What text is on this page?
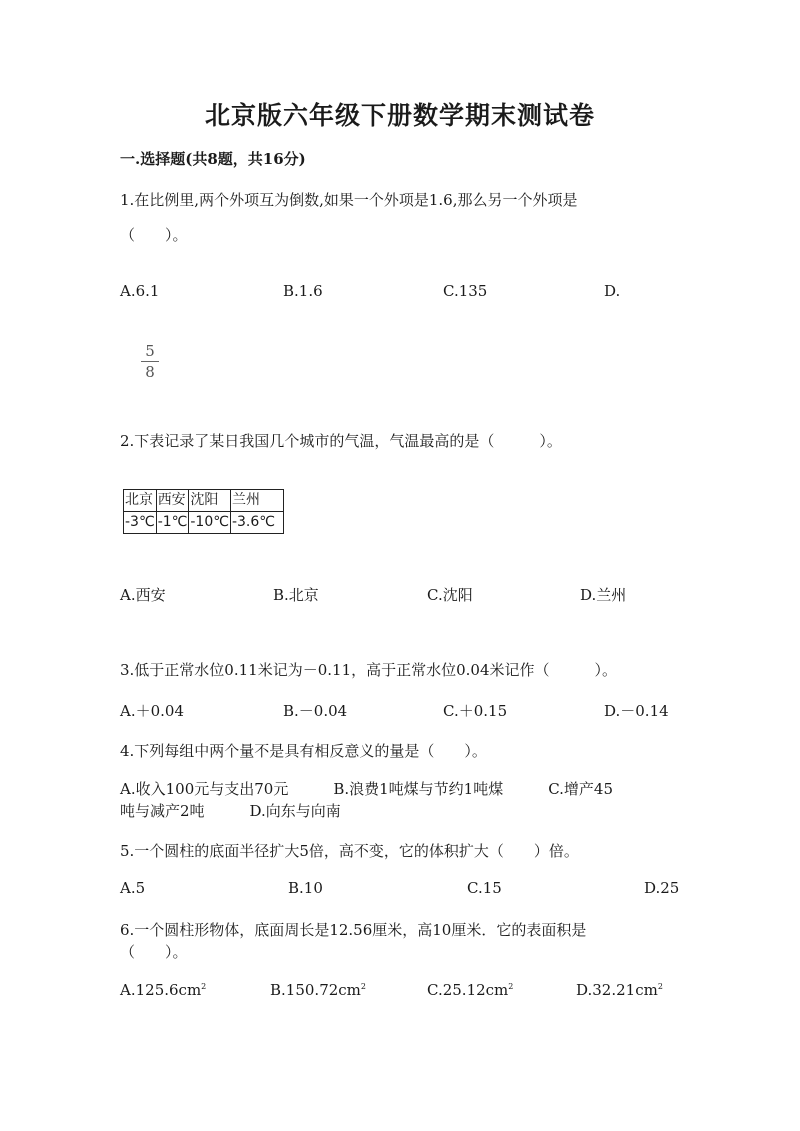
北京版六年级下册数学期末测试卷
一.选择题(共8题，共16分)
1.在比例里,两个外项互为倒数,如果一个外项是1.6,那么另一个外项是
（　　）。
A.6.1	B.1.6	C.135	D.
5
8
2.下表记录了某日我国几个城市的气温，气温最高的是（　　　）。
北京	西安	沈阳	兰州
-3℃	-1℃	-10℃	-3.6℃
A.西安	B.北京	C.沈阳	D.兰州
3.低于正常水位0.11米记为－0.11，高于正常水位0.04米记作（　　　）。
A.＋0.04	B.－0.04	C.＋0.15	D.－0.14
4.下列每组中两个量不是具有相反意义的量是（　　）。
A.收入100元与支出70元　　　B.浪费1吨煤与节约1吨煤　　　C.增产45
吨与减产2吨　　　D.向东与向南
5.一个圆柱的底面半径扩大5倍，高不变，它的体积扩大（　　）倍。
A.5	B.10	C.15	D.25
6.一个圆柱形物体，底面周长是12.56厘米，高10厘米．它的表面积是
（　　）。
$A.125.6cm^2$	$B.150.72cm^2$	$C.25.12cm^2$	$D.32.21cm^2$
